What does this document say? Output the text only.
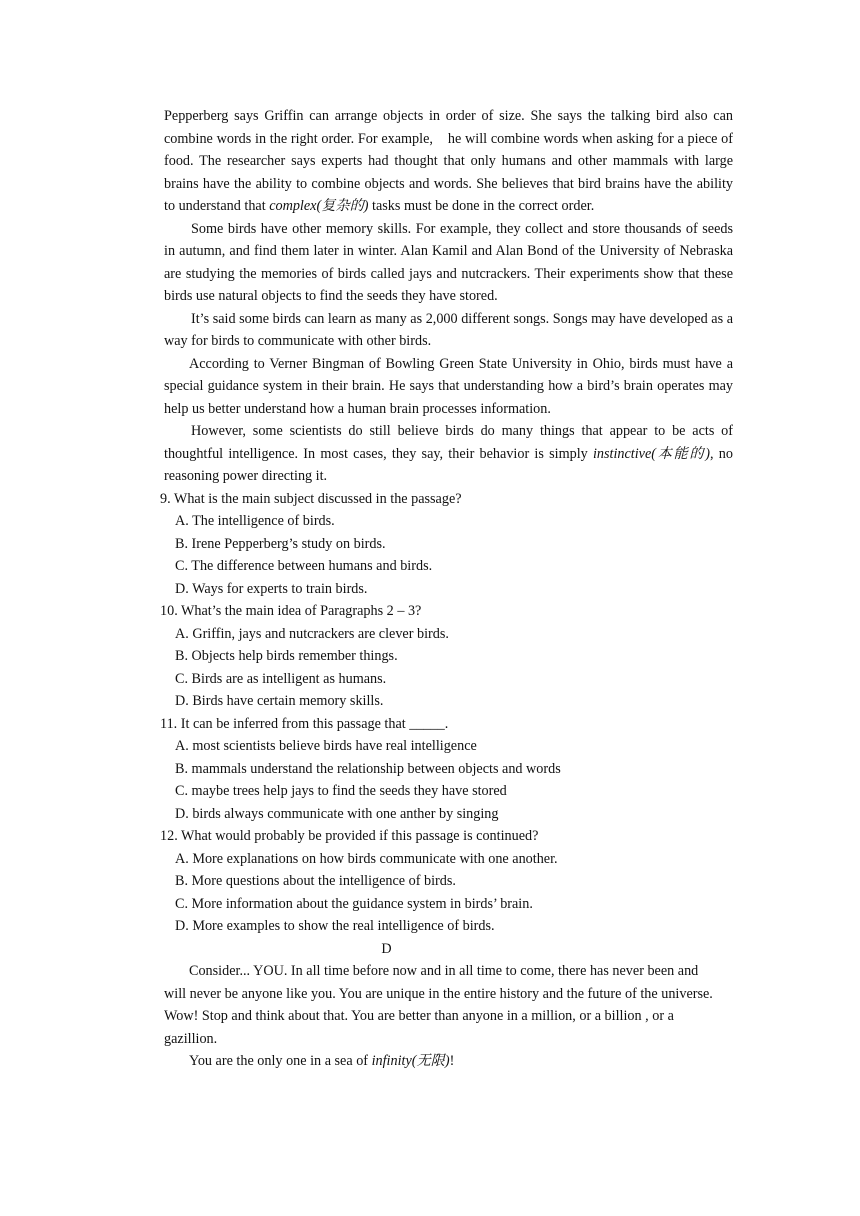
Pepperberg says Griffin can arrange objects in order of size. She says the talking bird also can combine words in the right order. For example,    he will combine words when asking for a piece of food. The researcher says experts had thought that only humans and other mammals with large brains have the ability to combine objects and words. She believes that bird brains have the ability to understand that complex(复杂的) tasks must be done in the correct order.

Some birds have other memory skills. For example, they collect and store thousands of seeds in autumn, and find them later in winter. Alan Kamil and Alan Bond of the University of Nebraska are studying the memories of birds called jays and nutcrackers. Their experiments show that these birds use natural objects to find the seeds they have stored.

It’s said some birds can learn as many as 2,000 different songs. Songs may have developed as a way for birds to communicate with other birds.

According to Verner Bingman of Bowling Green State University in Ohio, birds must have a special guidance system in their brain. He says that understanding how a bird’s brain operates may help us better understand how a human brain processes information.

However, some scientists do still believe birds do many things that appear to be acts of thoughtful intelligence. In most cases, they say, their behavior is simply instinctive(本能的), no reasoning power directing it.

9. What is the main subject discussed in the passage?

A. The intelligence of birds.

B. Irene Pepperberg’s study on birds.

C. The difference between humans and birds.

D. Ways for experts to train birds.

10. What’s the main idea of Paragraphs 2 – 3?

A. Griffin, jays and nutcrackers are clever birds.

B. Objects help birds remember things.

C. Birds are as intelligent as humans.

D. Birds have certain memory skills.

11. It can be inferred from this passage that _____.

A. most scientists believe birds have real intelligence

B. mammals understand the relationship between objects and words

C. maybe trees help jays to find the seeds they have stored

D. birds always communicate with one anther by singing

12. What would probably be provided if this passage is continued?

A. More explanations on how birds communicate with one another.

B. More questions about the intelligence of birds.

C. More information about the guidance system in birds’ brain.

D. More examples to show the real intelligence of birds.

D

Consider... YOU. In all time before now and in all time to come, there has never been and will never be anyone like you. You are unique in the entire history and the future of the universe. Wow! Stop and think about that. You are better than anyone in a million, or a billion , or a gazillion.

You are the only one in a sea of infinity(无限)!
